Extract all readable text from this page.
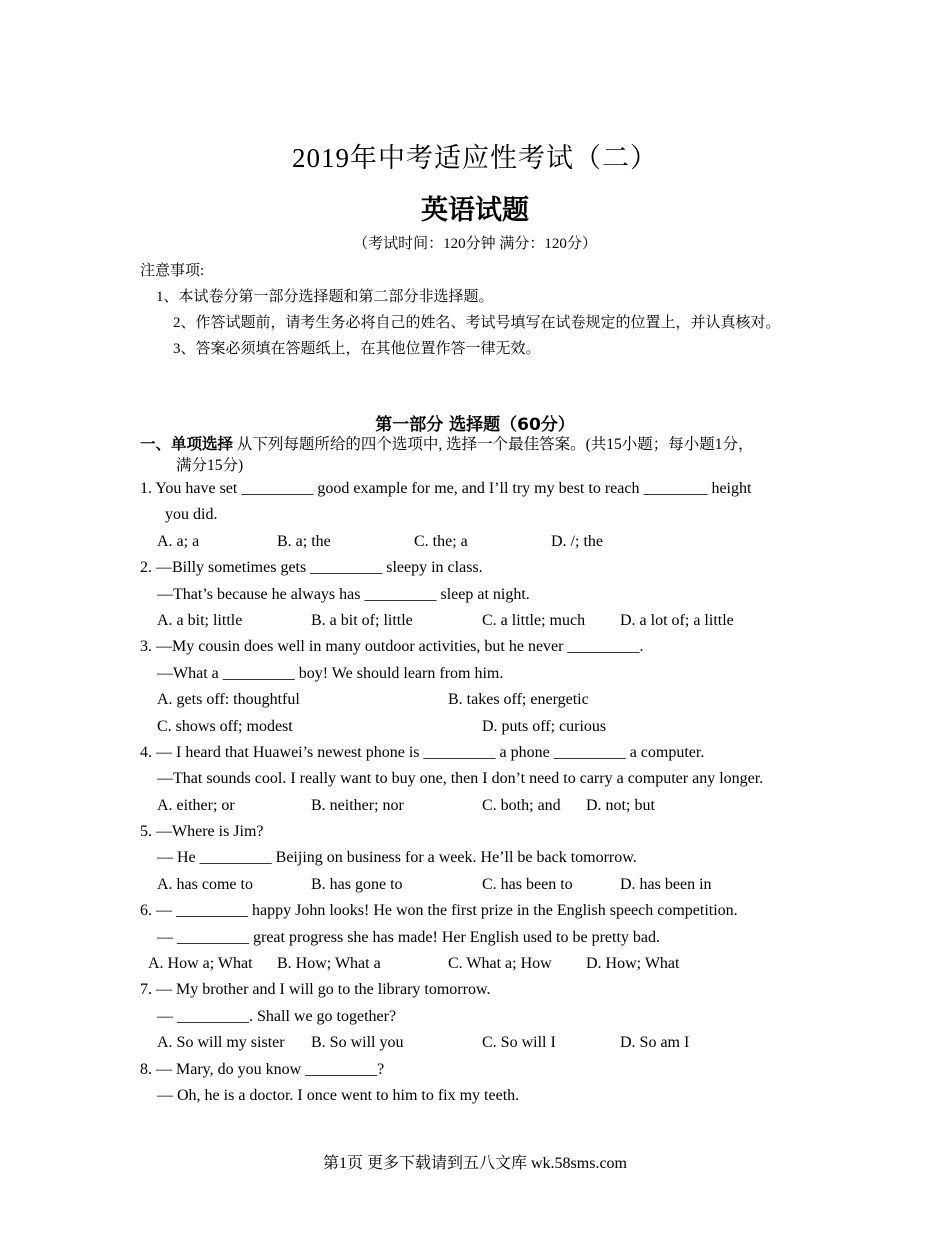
2019年中考适应性考试（二）
英语试题
（考试时间：120分钟 满分：120分）
注意事项:
1、本试卷分第一部分选择题和第二部分非选择题。
2、作答试题前，请考生务必将自己的姓名、考试号填写在试卷规定的位置上，并认真核对。
3、答案必须填在答题纸上，在其他位置作答一律无效。
第一部分 选择题（60分）
一、单项选择 从下列每题所给的四个选项中, 选择一个最佳答案。(共15小题；每小题1分，
满分15分)
1. You have set _________ good example for me, and I’ll try my best to reach ________ height
you did.
A. a; a	B. a; the	C. the; a	D. /; the
2. —Billy sometimes gets _________ sleepy in class.
—That’s because he always has _________ sleep at night.
A. a bit; little	B. a bit of; little	C. a little; much D. a lot of; a little
3. —My cousin does well in many outdoor activities, but he never _________.
—What a _________ boy! We should learn from him.
A. gets off: thoughtful	B. takes off; energetic
C. shows off; modest	D. puts off; curious
4. — I heard that Huawei’s newest phone is _________ a phone _________ a computer.
—That sounds cool. I really want to buy one, then I don’t need to carry a computer any longer.
A. either; or	B. neither; nor	C. both; and D. not; but
5. —Where is Jim?
— He _________ Beijing on business for a week. He’ll be back tomorrow.
A. has come to	B. has gone to	C. has been to	D. has been in
6. — _________ happy John looks! He won the first prize in the English speech competition.
— _________ great progress she has made! Her English used to be pretty bad.
A. How a; What B. How; What a	C. What a; How D. How; What
7. — My brother and I will go to the library tomorrow.
— _________. Shall we go together?
A. So will my sister B. So will you	C. So will I	D. So am I
8. — Mary, do you know _________?
— Oh, he is a doctor. I once went to him to fix my teeth.
第1页 更多下载请到五八文库 wk.58sms.com
